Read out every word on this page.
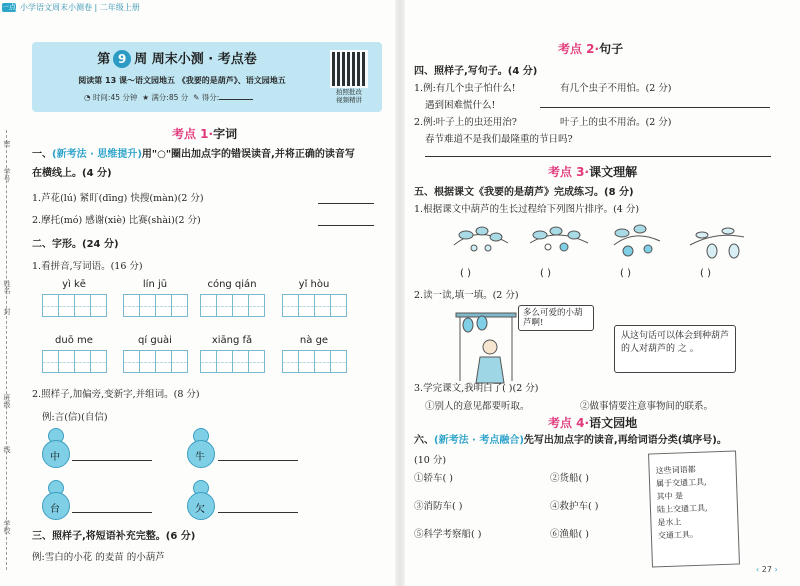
一点 小学语文周末小测卷 | 二年级上册
密
学号
姓名
封
班级
线
学校
第 9 周 周末小测 · 考点卷
阅读第 13 课～语文园地五 《我要的是葫芦》、语文园地五
◔ 时间:45 分钟 ★ 满分:85 分 ✎ 得分:
拍照批改
视频精讲
考点 1·字词
一、(新考法 · 思维提升)用"○"圈出加点字的错误读音,并将正确的读音写
在横线上。(4 分)
1.芦花(lú) 紧盯(dīng) 快搜(màn)(2 分)
2.摩托(mó) 感谢(xiè) 比赛(shài)(2 分)
二、字形。(24 分)
1.看拼音,写词语。(16 分)
yì kē	lín jū	cóng qián	yǐ hòu
duō me	qí guài	xiāng fǎ	nà ge
2.照样子,加偏旁,变新字,并组词。(8 分)
例:言(信)(自信)
中	牛
台	欠
三、照样子,将短语补充完整。(6 分)
例:雪白的小花 的麦苗 的小葫芦
考点 2·句子
四、照样子,写句子。(4 分)
1.例:有几个虫子怕什么!	有几个虫子不用怕。(2 分)
遇到困难慌什么!
2.例:叶子上的虫还用治?	叶子上的虫不用治。(2 分)
春节难道不是我们最隆重的节日吗?
考点 3·课文理解
五、根据课文《我要的是葫芦》完成练习。(8 分)
1.根据课文中葫芦的生长过程给下列图片排序。(4 分)
( )	( )	( )	( )
2.读一读,填一填。(2 分)
多么可爱的小葫芦啊!
从这句话可以体会到种葫芦的人对葫芦的 之 。
3.学完课文,我明白了( )(2 分)
①别人的意见都要听取。	②做事情要注意事物间的联系。
考点 4·语文园地
六、(新考法 · 考点融合)先写出加点字的读音,再给词语分类(填序号)。
(10 分)
①轿车( )	②货船( )
③消防车( )	④救护车( )
⑤科学考察船( )	⑥渔船( )
这些词语都
属于交通工具,
其中 是
陆上交通工具,
是水上
交通工具。
‹ 27 ›
